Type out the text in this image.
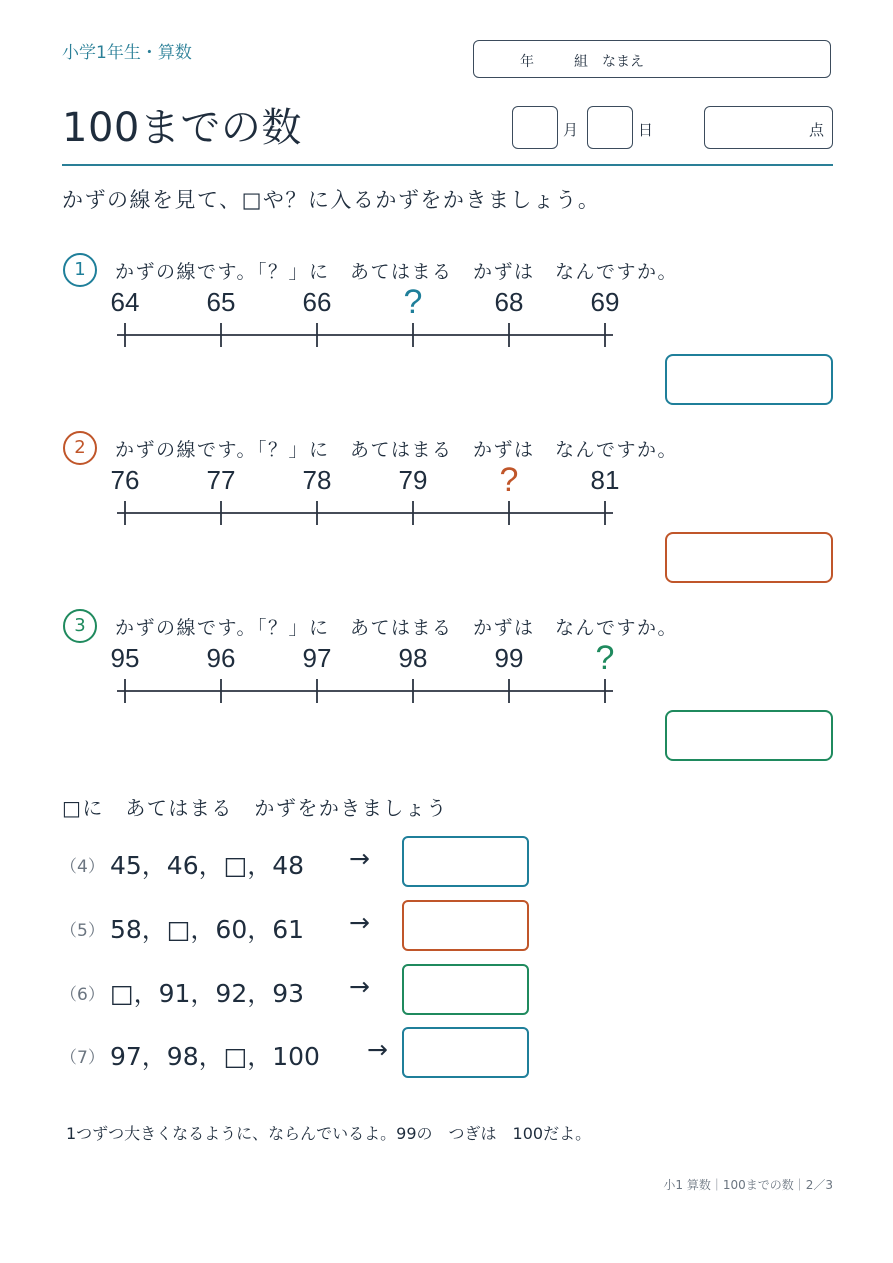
小学1年生・算数	年	組 なまえ
100までの数	月	日	点
かずの線を見て、□や？に入るかずをかきましょう。
1	かずの線です。「？」に　あてはまる　かずは　なんですか。
64	65	66 ?	68	69
2	かずの線です。「？」に　あてはまる　かずは　なんですか。
76	77	78	79 ?	81
3	かずの線です。「？」に　あてはまる　かずは　なんですか。
95	96	97	98	99 ?
□に　あてはまる　かずをかきましょう
（4） 45，46，□，48 →
（5） 58，□，60，61 →
（6） □，91，92，93 →
（7） 97，98，□，100 →
1つずつ大きくなるように、ならんでいるよ。99の　つぎは　100だよ。
小1 算数｜100までの数｜2／3
